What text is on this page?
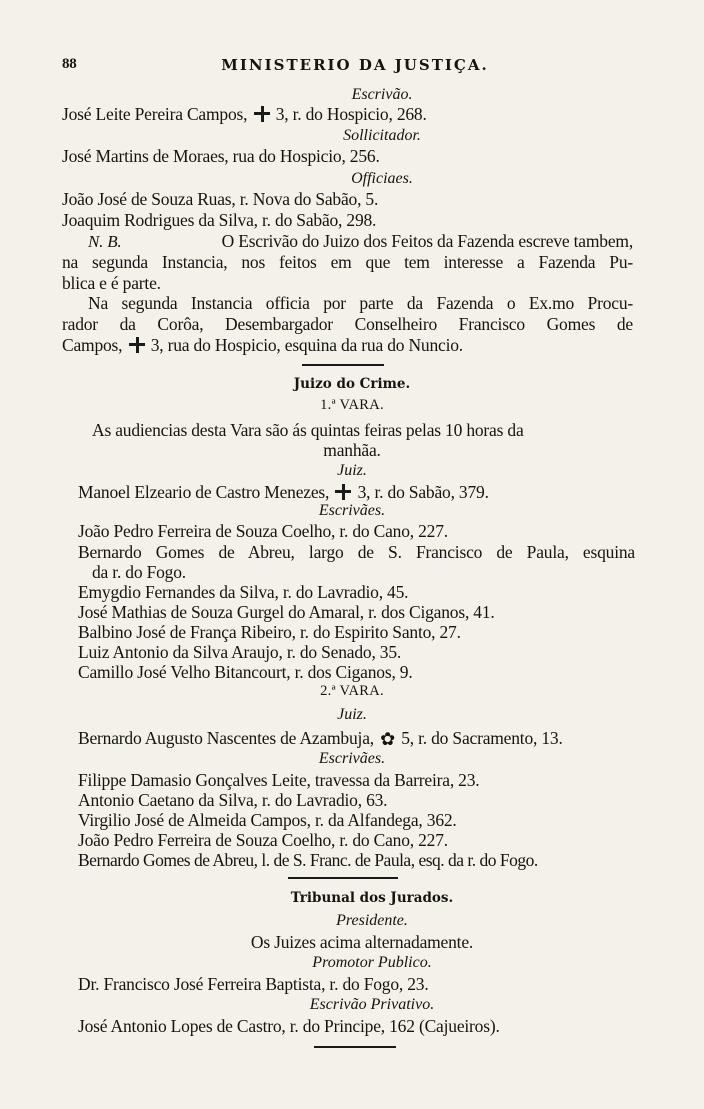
88	MINISTERIO DA JUSTIÇA.
Escrivão.
José Leite Pereira Campos, 3, r. do Hospicio, 268.
Sollicitador.
José Martins de Moraes, rua do Hospicio, 256.
Officiaes.
João José de Souza Ruas, r. Nova do Sabão, 5.
Joaquim Rodrigues da Silva, r. do Sabão, 298.
N. B.	O Escrivão do Juizo dos Feitos da Fazenda escreve tambem,
na segunda Instancia, nos feitos em que tem interesse a Fazenda Pu-
blica e é parte.
Na segunda Instancia officia por parte da Fazenda o Ex.mo Procu-
rador da Corôa, Desembargador Conselheiro Francisco Gomes de
Campos, 3, rua do Hospicio, esquina da rua do Nuncio.
Juizo do Crime.
1.ª VARA.
As audiencias desta Vara são ás quintas feiras pelas 10 horas da
manhãa.
Juiz.
Manoel Elzeario de Castro Menezes, 3, r. do Sabão, 379.
Escrivães.
João Pedro Ferreira de Souza Coelho, r. do Cano, 227.
Bernardo Gomes de Abreu, largo de S. Francisco de Paula, esquina
da r. do Fogo.
Emygdio Fernandes da Silva, r. do Lavradio, 45.
José Mathias de Souza Gurgel do Amaral, r. dos Ciganos, 41.
Balbino José de França Ribeiro, r. do Espirito Santo, 27.
Luiz Antonio da Silva Araujo, r. do Senado, 35.
Camillo José Velho Bitancourt, r. dos Ciganos, 9.
2.ª VARA.
Juiz.
Bernardo Augusto Nascentes de Azambuja, ✿ 5, r. do Sacramento, 13.
Escrivães.
Filippe Damasio Gonçalves Leite, travessa da Barreira, 23.
Antonio Caetano da Silva, r. do Lavradio, 63.
Virgilio José de Almeida Campos, r. da Alfandega, 362.
João Pedro Ferreira de Souza Coelho, r. do Cano, 227.
Bernardo Gomes de Abreu, l. de S. Franc. de Paula, esq. da r. do Fogo.
Tribunal dos Jurados.
Presidente.
Os Juizes acima alternadamente.
Promotor Publico.
Dr. Francisco José Ferreira Baptista, r. do Fogo, 23.
Escrivão Privativo.
José Antonio Lopes de Castro, r. do Principe, 162 (Cajueiros).
